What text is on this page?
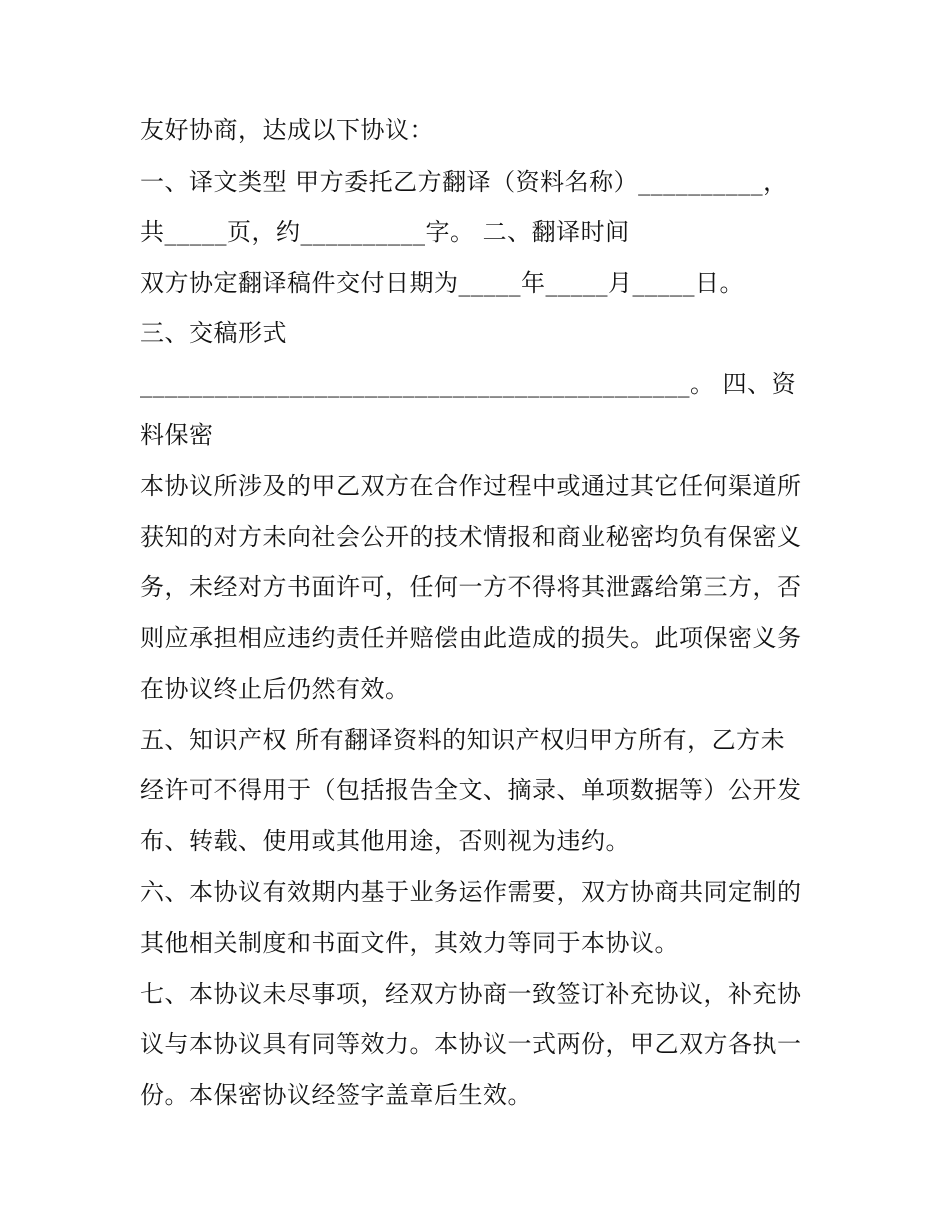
友好协商，达成以下协议：

一、译文类型 甲方委托乙方翻译（资料名称）__________，

共_____页，约__________字。 二、翻译时间

双方协定翻译稿件交付日期为_____年_____月_____日。

三、交稿形式

____________________________________________。 四、资

料保密

本协议所涉及的甲乙双方在合作过程中或通过其它任何渠道所

获知的对方未向社会公开的技术情报和商业秘密均负有保密义

务，未经对方书面许可，任何一方不得将其泄露给第三方，否

则应承担相应违约责任并赔偿由此造成的损失。此项保密义务

在协议终止后仍然有效。

五、知识产权 所有翻译资料的知识产权归甲方所有，乙方未

经许可不得用于（包括报告全文、摘录、单项数据等）公开发

布、转载、使用或其他用途，否则视为违约。

六、本协议有效期内基于业务运作需要，双方协商共同定制的

其他相关制度和书面文件，其效力等同于本协议。

七、本协议未尽事项，经双方协商一致签订补充协议，补充协

议与本协议具有同等效力。本协议一式两份，甲乙双方各执一

份。本保密协议经签字盖章后生效。
